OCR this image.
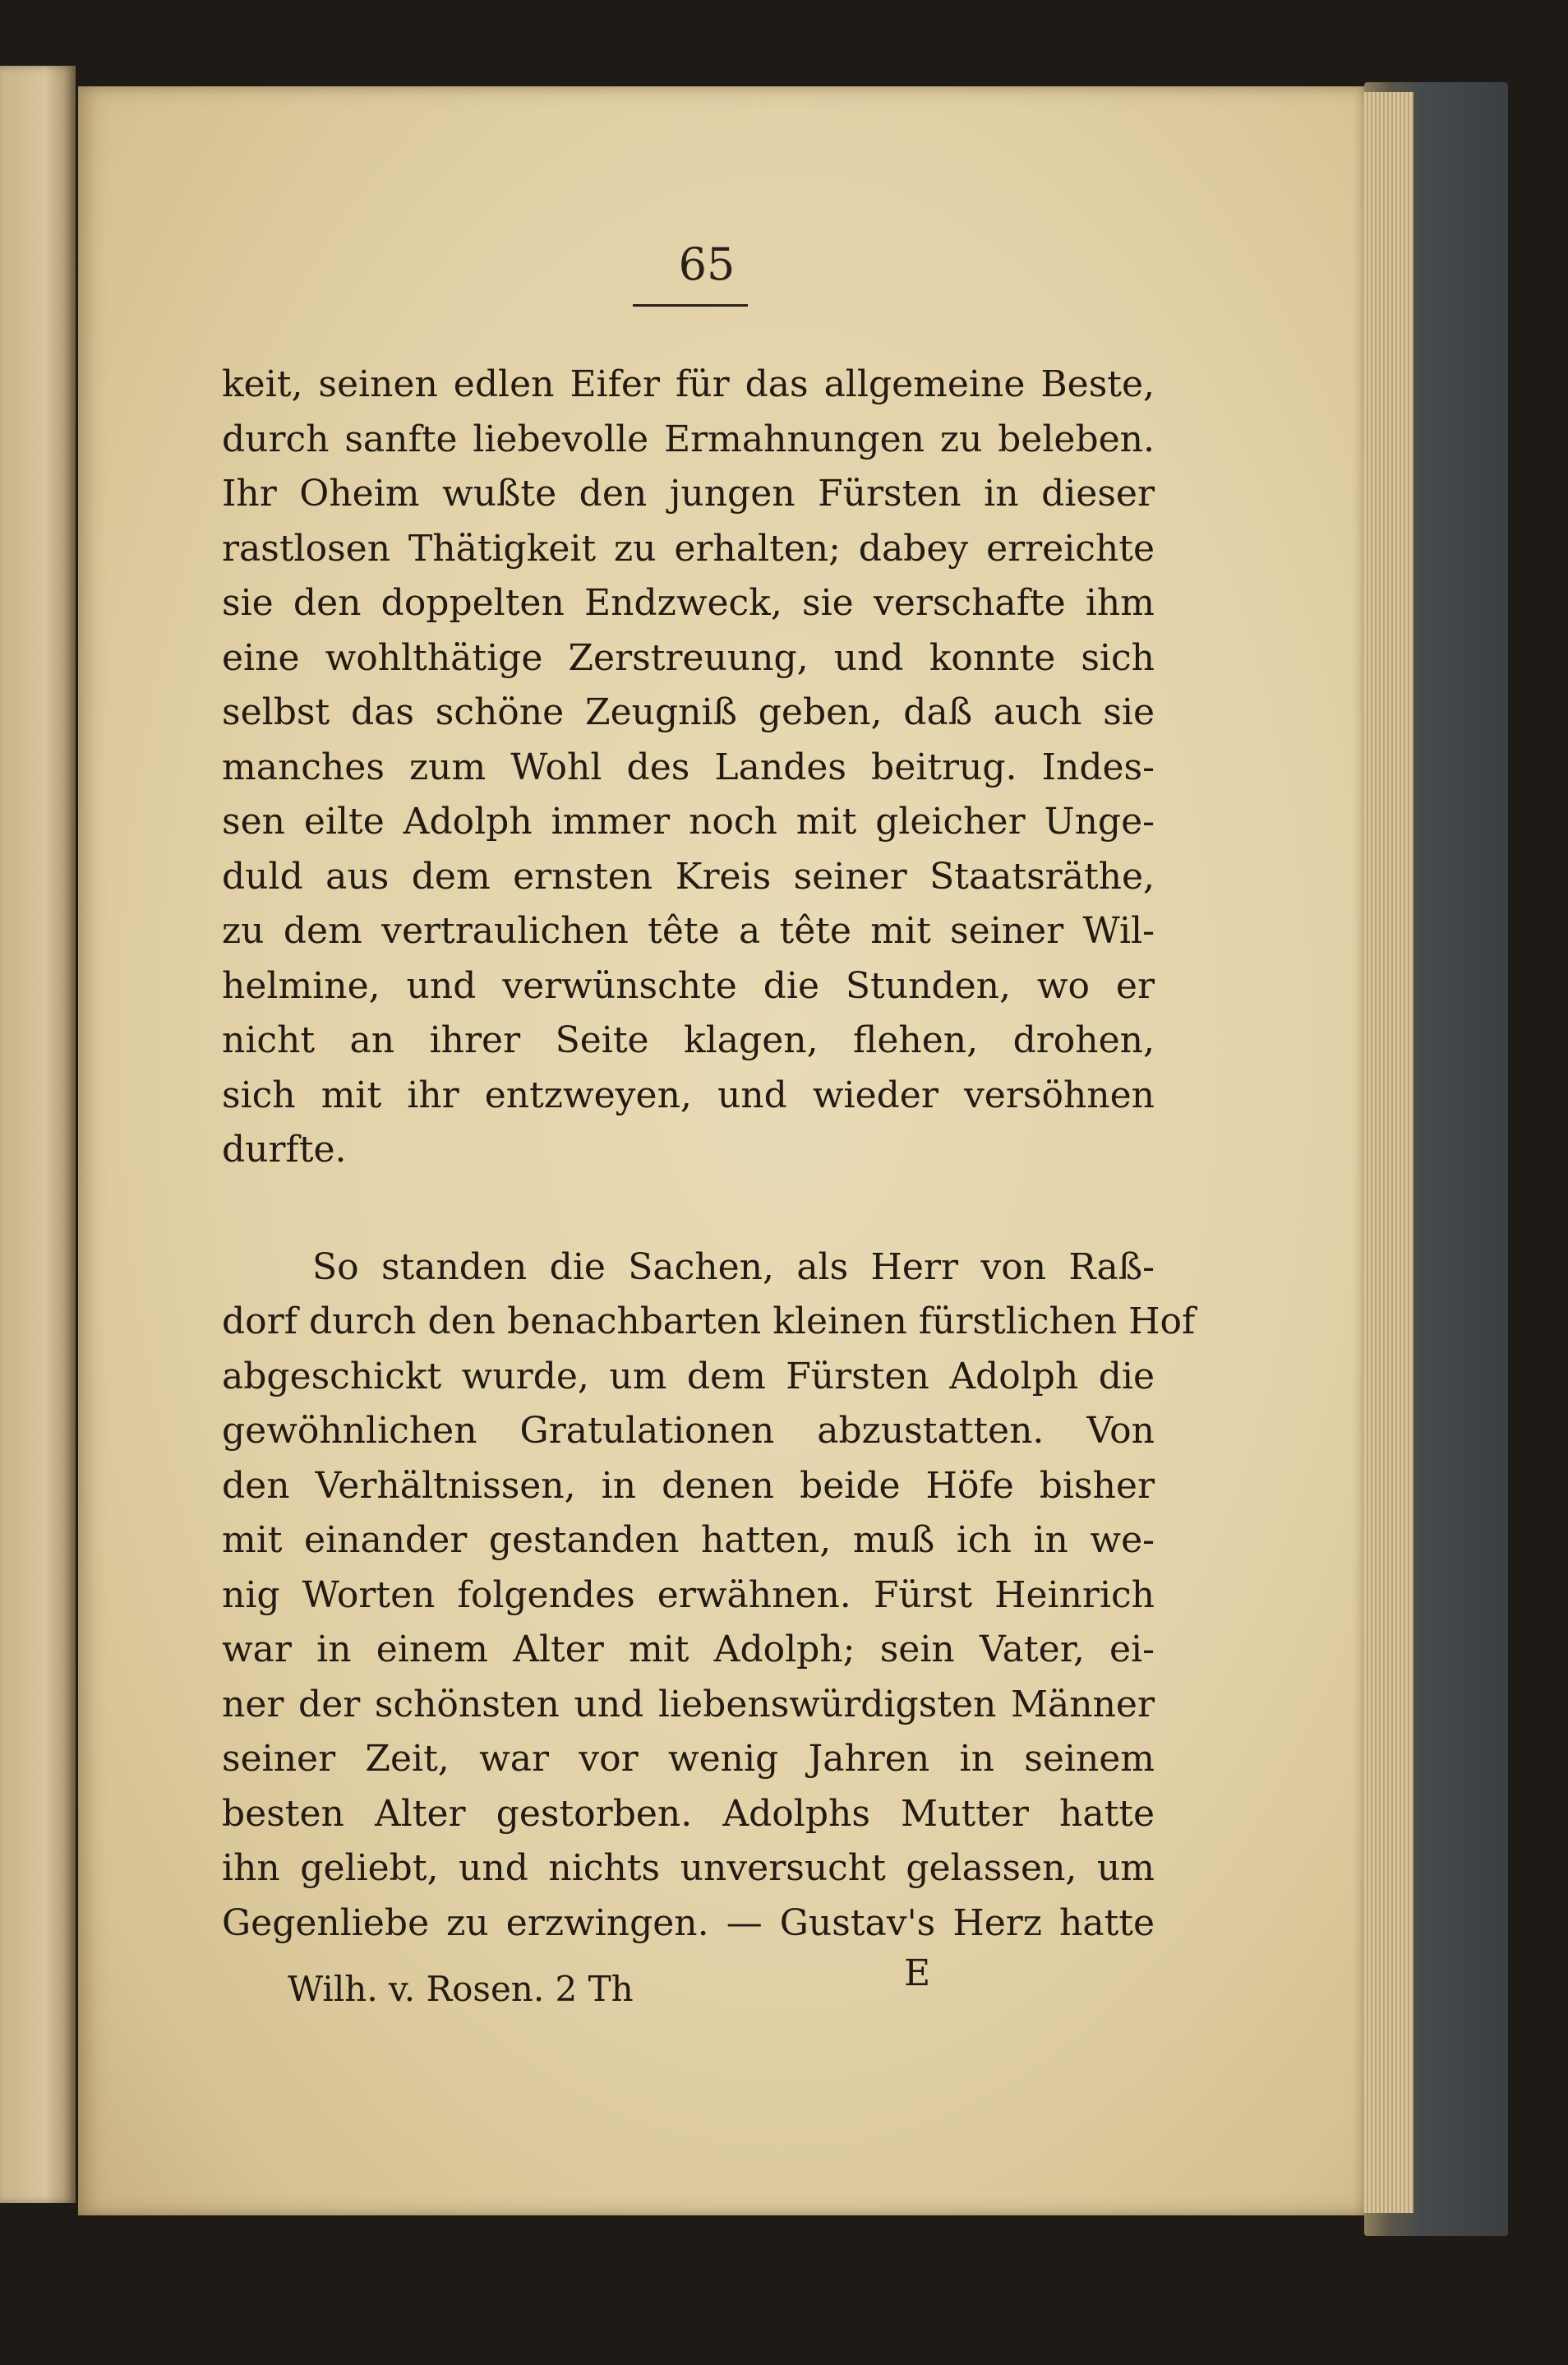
65
keit, seinen edlen Eifer für das allgemeine Beste,
durch sanfte liebevolle Ermahnungen zu beleben.
Ihr Oheim wußte den jungen Fürsten in dieser
rastlosen Thätigkeit zu erhalten; dabey erreichte
sie den doppelten Endzweck, sie verschafte ihm
eine wohlthätige Zerstreuung, und konnte sich
selbst das schöne Zeugniß geben, daß auch sie
manches zum Wohl des Landes beitrug. Indes-
sen eilte Adolph immer noch mit gleicher Unge-
duld aus dem ernsten Kreis seiner Staatsräthe,
zu dem vertraulichen tête a tête mit seiner Wil-
helmine, und verwünschte die Stunden, wo er
nicht an ihrer Seite klagen, flehen, drohen,
sich mit ihr entzweyen, und wieder versöhnen
durfte.
So standen die Sachen, als Herr von Raß-
dorf durch den benachbarten kleinen fürstlichen Hof
abgeschickt wurde, um dem Fürsten Adolph die
gewöhnlichen Gratulationen abzustatten. Von
den Verhältnissen, in denen beide Höfe bisher
mit einander gestanden hatten, muß ich in we-
nig Worten folgendes erwähnen. Fürst Heinrich
war in einem Alter mit Adolph; sein Vater, ei-
ner der schönsten und liebenswürdigsten Männer
seiner Zeit, war vor wenig Jahren in seinem
besten Alter gestorben. Adolphs Mutter hatte
ihn geliebt, und nichts unversucht gelassen, um
Gegenliebe zu erzwingen. — Gustav's Herz hatte
Wilh. v. Rosen. 2 Th	E
